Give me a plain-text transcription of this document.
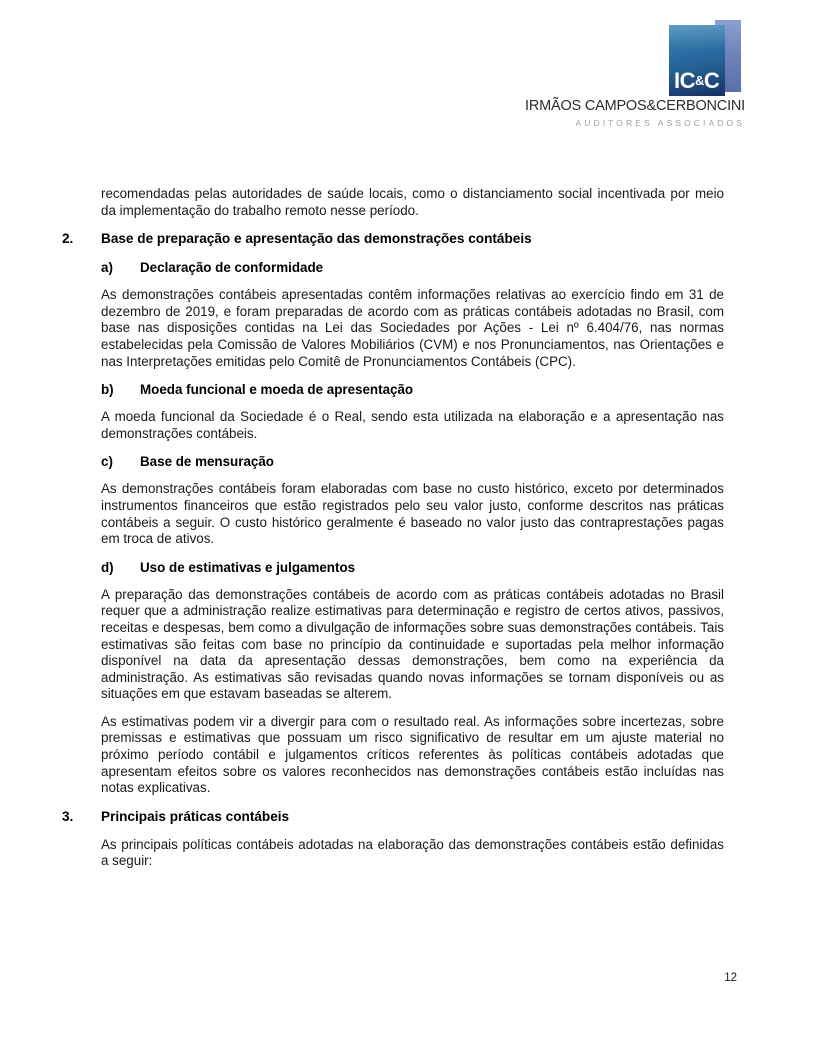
IC&C
IRMÃOS CAMPOS&CERBONCINI
AUDITORES ASSOCIADOS

recomendadas pelas autoridades de saúde locais, como o distanciamento social incentivada por meio da implementação do trabalho remoto nesse período.

2.	Base de preparação e apresentação das demonstrações contábeis
a)	Declaração de conformidade

As demonstrações contábeis apresentadas contêm informações relativas ao exercício findo em 31 de dezembro de 2019, e foram preparadas de acordo com as práticas contábeis adotadas no Brasil, com base nas disposições contidas na Lei das Sociedades por Ações - Lei nº 6.404/76, nas normas estabelecidas pela Comissão de Valores Mobiliários (CVM) e nos Pronunciamentos, nas Orientações e nas Interpretações emitidas pelo Comitê de Pronunciamentos Contábeis (CPC).

b)	Moeda funcional e moeda de apresentação

A moeda funcional da Sociedade é o Real, sendo esta utilizada na elaboração e a apresentação nas demonstrações contábeis.

c)	Base de mensuração

As demonstrações contábeis foram elaboradas com base no custo histórico, exceto por determinados instrumentos financeiros que estão registrados pelo seu valor justo, conforme descritos nas práticas contábeis a seguir. O custo histórico geralmente é baseado no valor justo das contraprestações pagas em troca de ativos.

d)	Uso de estimativas e julgamentos

A preparação das demonstrações contábeis de acordo com as práticas contábeis adotadas no Brasil requer que a administração realize estimativas para determinação e registro de certos ativos, passivos, receitas e despesas, bem como a divulgação de informações sobre suas demonstrações contábeis. Tais estimativas são feitas com base no princípio da continuidade e suportadas pela melhor informação disponível na data da apresentação dessas demonstrações, bem como na experiência da administração. As estimativas são revisadas quando novas informações se tornam disponíveis ou as situações em que estavam baseadas se alterem.

As estimativas podem vir a divergir para com o resultado real. As informações sobre incertezas, sobre premissas e estimativas que possuam um risco significativo de resultar em um ajuste material no próximo período contábil e julgamentos críticos referentes às políticas contábeis adotadas que apresentam efeitos sobre os valores reconhecidos nas demonstrações contábeis estão incluídas nas notas explicativas.

3.	Principais práticas contábeis

As principais políticas contábeis adotadas na elaboração das demonstrações contábeis estão definidas a seguir:

12
